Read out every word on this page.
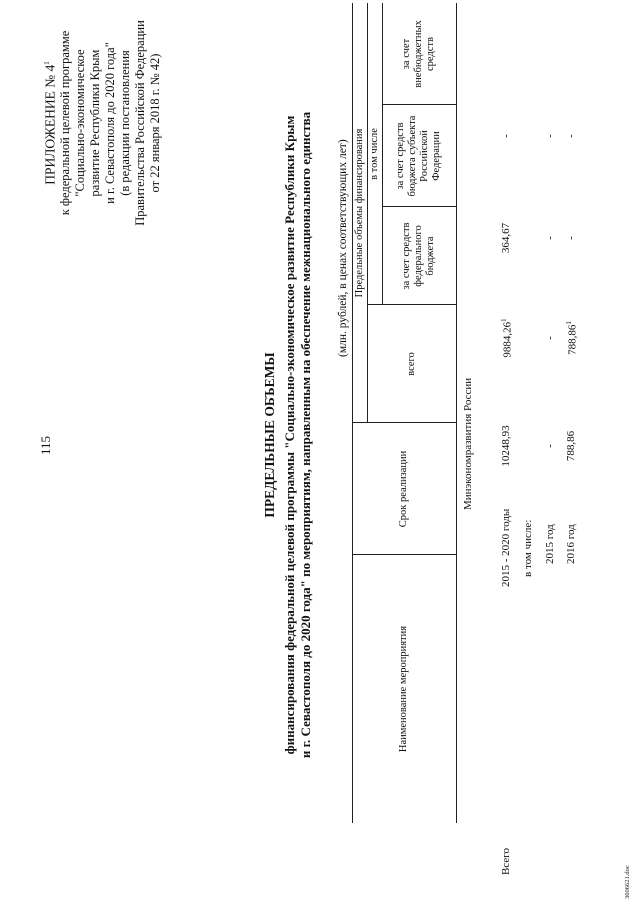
115
ПРИЛОЖЕНИЕ № $4^1$ к федеральной целевой программе "Социально-экономическое развитие Республики Крым и г. Севастополя до 2020 года" (в редакции постановления Правительства Российской Федерации от 22 января 2018 г. № 42)
ПРЕДЕЛЬНЫЕ ОБЪЕМЫ финансирования федеральной целевой программы "Социально-экономическое развитие Республики Крым и г. Севастополя до 2020 года" по мероприятиям, направленным на обеспечение межнационального единства (млн. рублей, в ценах соответствующих лет)
Наименование мероприятия
Срок реализации
Предельные объемы финансирования
всего
в том числе
за счет средств федерального бюджета
за счет средств бюджета субъекта Российской Федерации
за счет внебюджетных средств
Минэкономразвития России
Всего
2015 - 2020 годы
10248,93
9884,26$^1$
364,67
-
в том числе: 2015 год
-
-
-
-
2016 год
788,86
788,86$^1$
-
-
3606621.doc
